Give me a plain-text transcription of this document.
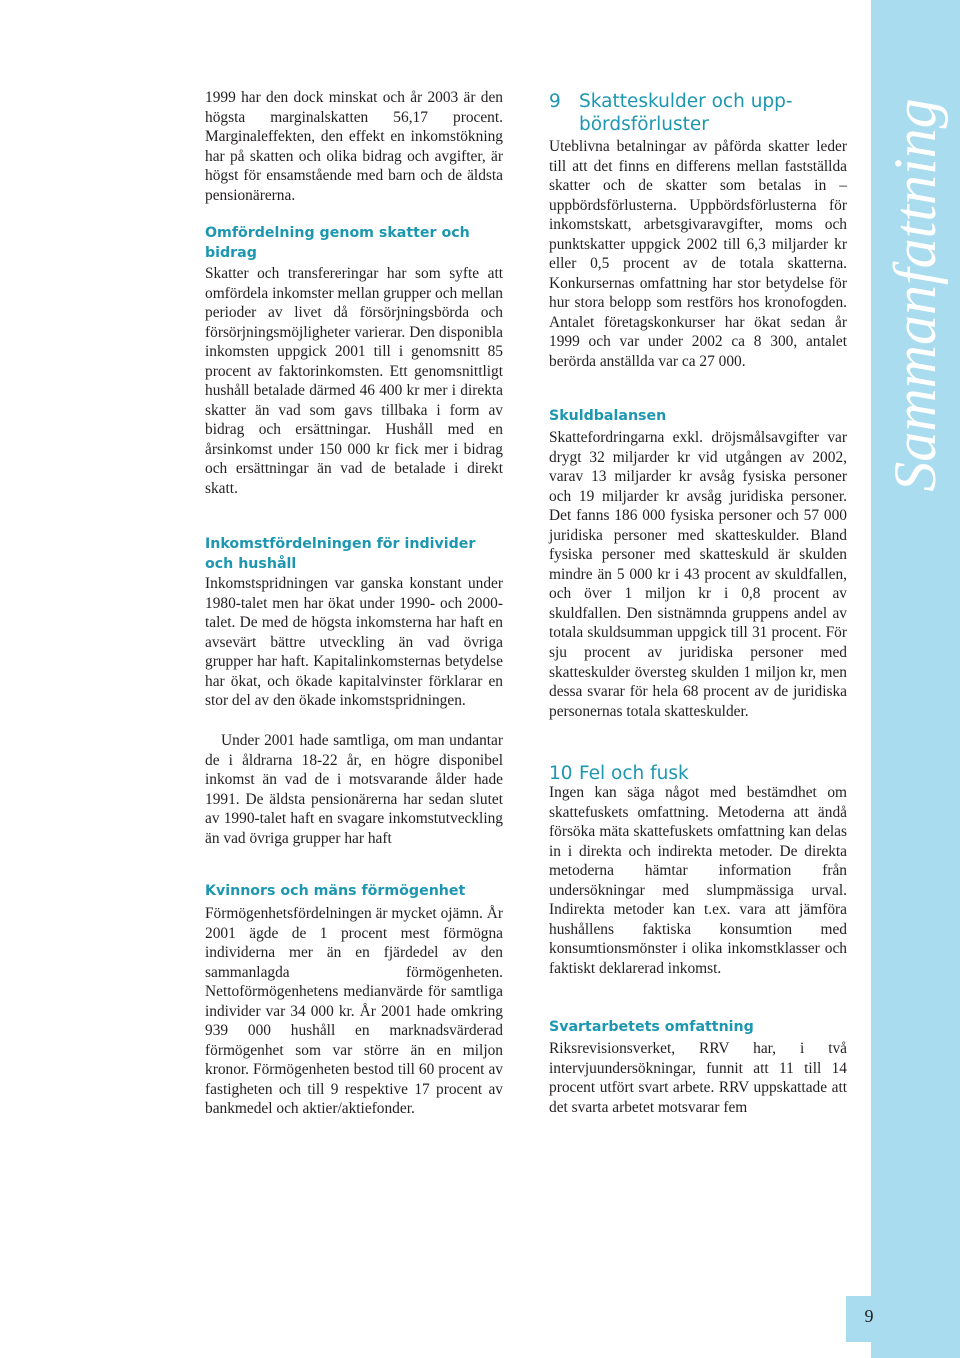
1999 har den dock minskat och år 2003 är den högsta marginalskatten 56,17 procent. Marginaleffekten, den effekt en inkomstökning har på skatten och olika bidrag och avgifter, är högst för ensamstående med barn och de äldsta pensionärerna.

Omfördelning genom skatter och bidrag

Skatter och transfereringar har som syfte att omfördela inkomster mellan grupper och mellan perioder av livet då försörjningsbörda och försörjningsmöjligheter varierar. Den disponibla inkomsten uppgick 2001 till i genomsnitt 85 procent av faktorinkomsten. Ett genomsnittligt hushåll betalade därmed 46 400 kr mer i direkta skatter än vad som gavs tillbaka i form av bidrag och ersättningar. Hushåll med en årsinkomst under 150 000 kr fick mer i bidrag och ersättningar än vad de betalade i direkt skatt.

Inkomstfördelningen för individer och hushåll

Inkomstspridningen var ganska konstant under 1980-talet men har ökat under 1990- och 2000-talet. De med de högsta inkomsterna har haft en avsevärt bättre utveckling än vad övriga grupper har haft. Kapitalinkomsternas betydelse har ökat, och ökade kapitalvinster förklarar en stor del av den ökade inkomstspridningen.

Under 2001 hade samtliga, om man undantar de i åldrarna 18-22 år, en högre disponibel inkomst än vad de i motsvarande ålder hade 1991. De äldsta pensionärerna har sedan slutet av 1990-talet haft en svagare inkomstutveckling än vad övriga grupper har haft

Kvinnors och mäns förmögenhet

Förmögenhetsfördelningen är mycket ojämn. År 2001 ägde de 1 procent mest förmögna individerna mer än en fjärdedel av den sammanlagda förmögenheten. Nettoförmögenhetens medianvärde för samtliga individer var 34 000 kr. År 2001 hade omkring 939 000 hushåll en marknadsvärderad förmögenhet som var större än en miljon kronor. Förmögenheten bestod till 60 procent av fastigheten och till 9 respektive 17 procent av bankmedel och aktier/aktiefonder.

9 Skatteskulder och upp-
bördsförluster

Uteblivna betalningar av påförda skatter leder till att det finns en differens mellan fastställda skatter och de skatter som betalas in – uppbördsförlusterna. Uppbördsförlusterna för inkomstskatt, arbetsgivaravgifter, moms och punktskatter uppgick 2002 till 6,3 miljarder kr eller 0,5 procent av de totala skatterna. Konkursernas omfattning har stor betydelse för hur stora belopp som restförs hos kronofogden. Antalet företagskonkurser har ökat sedan år 1999 och var under 2002 ca 8 300, antalet berörda anställda var ca 27 000.

Skuldbalansen

Skattefordringarna exkl. dröjsmålsavgifter var drygt 32 miljarder kr vid utgången av 2002, varav 13 miljarder kr avsåg fysiska personer och 19 miljarder kr avsåg juridiska personer. Det fanns 186 000 fysiska personer och 57 000 juridiska personer med skatteskulder. Bland fysiska personer med skatteskuld är skulden mindre än 5 000 kr i 43 procent av skuldfallen, och över 1 miljon kr i 0,8 procent av skuldfallen. Den sistnämnda gruppens andel av totala skuldsumman uppgick till 31 procent. För sju procent av juridiska personer med skatteskulder översteg skulden 1 miljon kr, men dessa svarar för hela 68 procent av de juridiska personernas totala skatteskulder.

10 Fel och fusk

Ingen kan säga något med bestämdhet om skattefuskets omfattning. Metoderna att ändå försöka mäta skattefuskets omfattning kan delas in i direkta och indirekta metoder. De direkta metoderna hämtar information från undersökningar med slumpmässiga urval. Indirekta metoder kan t.ex. vara att jämföra hushållens faktiska konsumtion med konsumtionsmönster i olika inkomstklasser och faktiskt deklarerad inkomst.

Svartarbetets omfattning

Riksrevisionsverket, RRV har, i två intervjuundersökningar, funnit att 11 till 14 procent utfört svart arbete. RRV uppskattade att det svarta arbetet motsvarar fem

Sammanfattning
9
